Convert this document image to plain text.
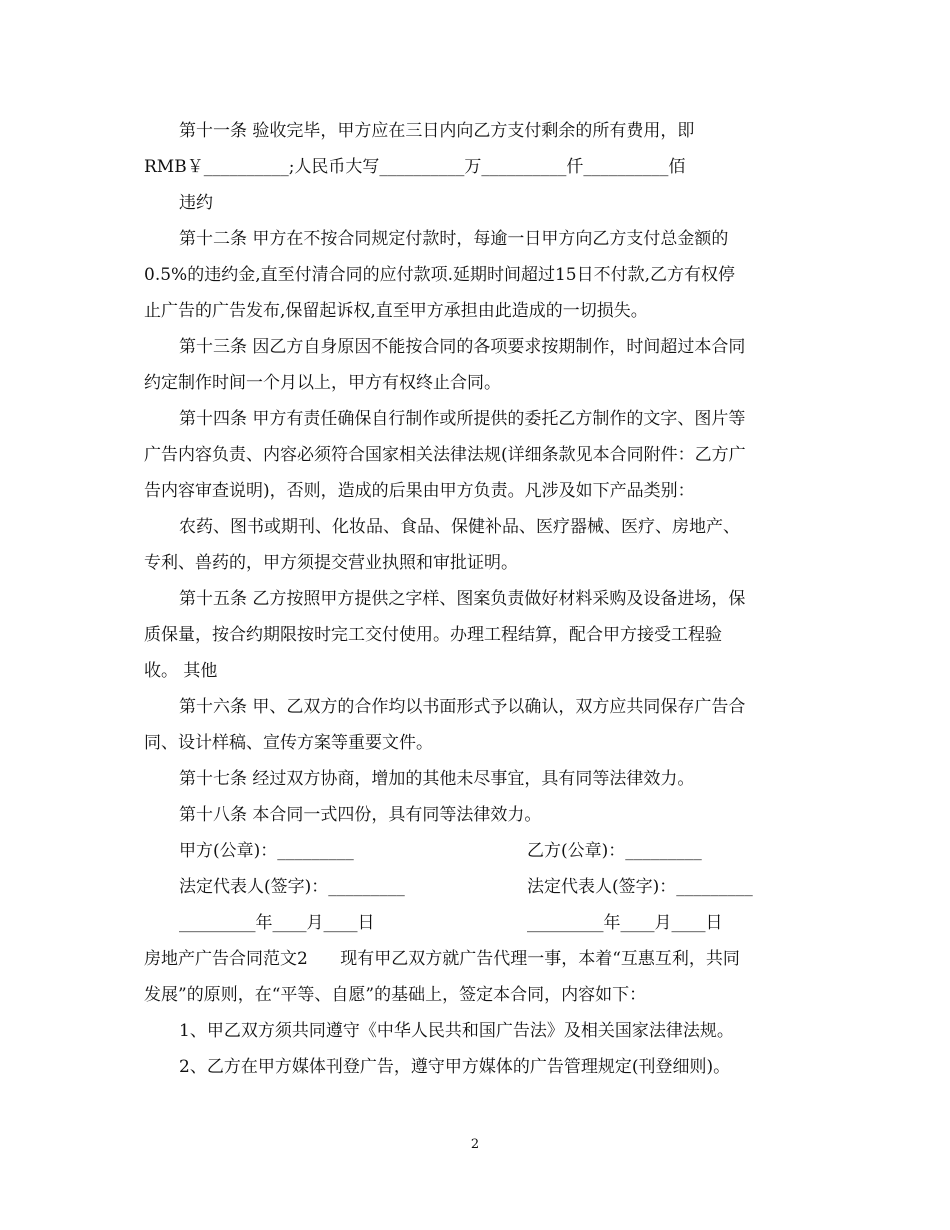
第十一条 验收完毕，甲方应在三日内向乙方支付剩余的所有费用，即
RMB￥__________;人民币大写__________万__________仟__________佰
违约
第十二条 甲方在不按合同规定付款时，每逾一日甲方向乙方支付总金额的
0.5%的违约金,直至付清合同的应付款项.延期时间超过15日不付款,乙方有权停
止广告的广告发布,保留起诉权,直至甲方承担由此造成的一切损失。
第十三条 因乙方自身原因不能按合同的各项要求按期制作，时间超过本合同
约定制作时间一个月以上，甲方有权终止合同。
第十四条 甲方有责任确保自行制作或所提供的委托乙方制作的文字、图片等
广告内容负责、内容必须符合国家相关法律法规(详细条款见本合同附件：乙方广
告内容审查说明)，否则，造成的后果由甲方负责。凡涉及如下产品类别：
农药、图书或期刊、化妆品、食品、保健补品、医疗器械、医疗、房地产、
专利、兽药的，甲方须提交营业执照和审批证明。
第十五条 乙方按照甲方提供之字样、图案负责做好材料采购及设备进场，保
质保量，按合约期限按时完工交付使用。办理工程结算，配合甲方接受工程验
收。 其他
第十六条 甲、乙双方的合作均以书面形式予以确认，双方应共同保存广告合
同、设计样稿、宣传方案等重要文件。
第十七条 经过双方协商，增加的其他未尽事宜，具有同等法律效力。
第十八条 本合同一式四份，具有同等法律效力。
甲方(公章)：_________	乙方(公章)：_________
法定代表人(签字)：_________	法定代表人(签字)：_________
_________年____月____日	_________年____月____日
房地产广告合同范文2      现有甲乙双方就广告代理一事，本着“互惠互利，共同
发展”的原则，在“平等、自愿”的基础上，签定本合同，内容如下：
1、甲乙双方须共同遵守《中华人民共和国广告法》及相关国家法律法规。
2、乙方在甲方媒体刊登广告，遵守甲方媒体的广告管理规定(刊登细则)。
2
